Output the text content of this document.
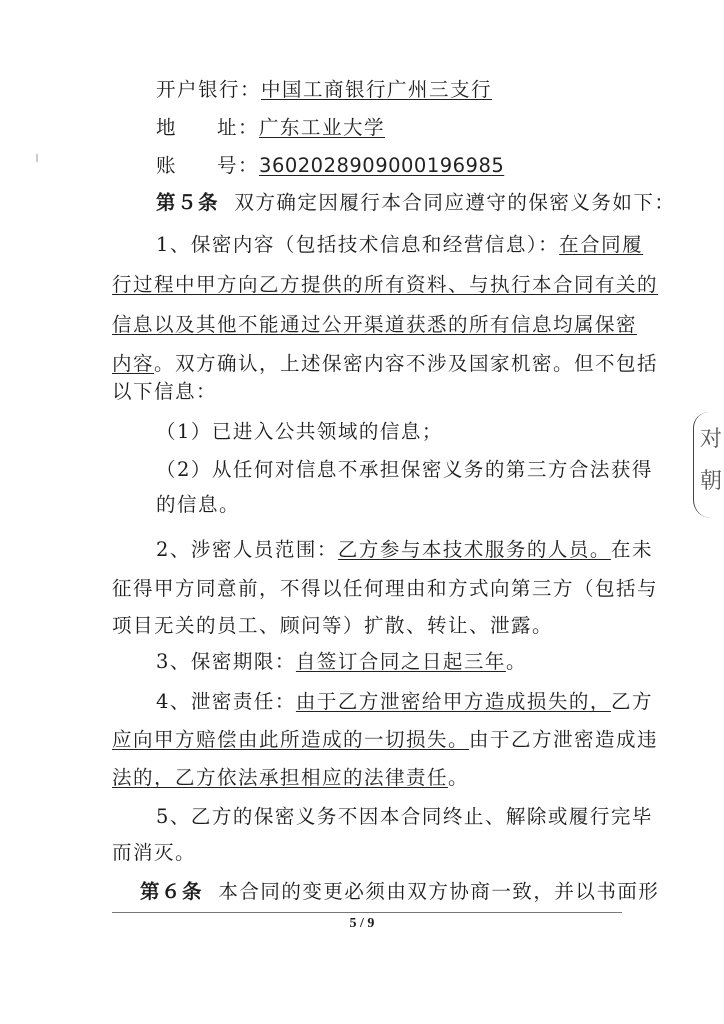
开户银行：中国工商银行广州三支行
地 址：广东工业大学
账 号：3602028909000196985
第５条 双方确定因履行本合同应遵守的保密义务如下：
1、保密内容（包括技术信息和经营信息）：在合同履
行过程中甲方向乙方提供的所有资料、与执行本合同有关的
信息以及其他不能通过公开渠道获悉的所有信息均属保密
内容。双方确认，上述保密内容不涉及国家机密。但不包括
以下信息：
（1）已进入公共领域的信息；
（2）从任何对信息不承担保密义务的第三方合法获得
的信息。
2、涉密人员范围：乙方参与本技术服务的人员。在未
征得甲方同意前，不得以任何理由和方式向第三方（包括与
项目无关的员工、顾问等）扩散、转让、泄露。
3、保密期限：自签订合同之日起三年。
4、泄密责任：由于乙方泄密给甲方造成损失的，乙方
应向甲方赔偿由此所造成的一切损失。由于乙方泄密造成违
法的，乙方依法承担相应的法律责任。
5、乙方的保密义务不因本合同终止、解除或履行完毕
而消灭。
第６条 本合同的变更必须由双方协商一致，并以书面形
5 / 9
对
朝
